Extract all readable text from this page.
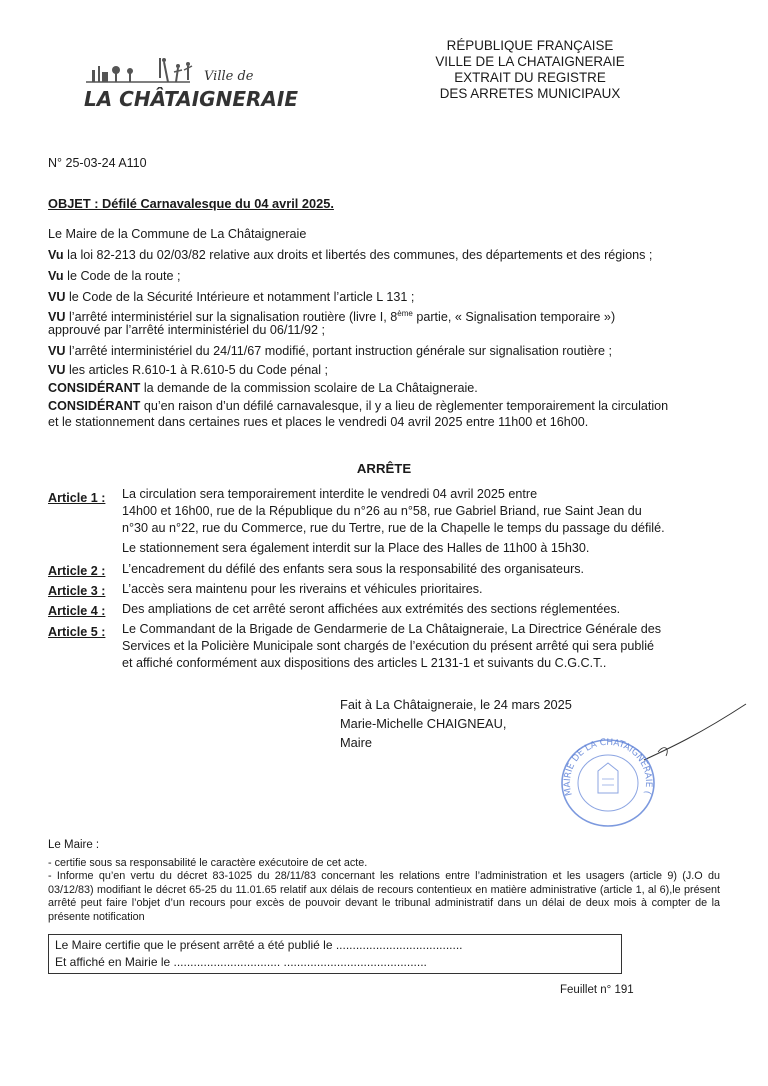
Ville de
LA CHÂTAIGNERAIE
RÉPUBLIQUE FRANÇAISE
VILLE DE LA CHATAIGNERAIE
EXTRAIT DU REGISTRE
DES ARRETES MUNICIPAUX
N° 25-03-24 A110
OBJET : Défilé Carnavalesque du 04 avril 2025.
Le Maire de la Commune de La Châtaigneraie
Vu la loi 82-213 du 02/03/82 relative aux droits et libertés des communes, des départements et des régions ;
Vu le Code de la route ;
VU le Code de la Sécurité Intérieure et notamment l’article L 131 ;
VU l’arrêté interministériel sur la signalisation routière (livre I, 8ème partie, « Signalisation temporaire »)
approuvé par l’arrêté interministériel du 06/11/92 ;
VU l’arrêté interministériel du 24/11/67 modifié, portant instruction générale sur signalisation routière ;
VU les articles R.610-1 à R.610-5 du Code pénal ;
CONSIDÉRANT la demande de la commission scolaire de La Châtaigneraie.
CONSIDÉRANT qu’en raison d’un défilé carnavalesque, il y a lieu de règlementer temporairement la circulation
et le stationnement dans certaines rues et places le vendredi 04 avril 2025 entre 11h00 et 16h00.
ARRÊTE
Article 1 : La circulation sera temporairement interdite le vendredi 04 avril 2025 entre
14h00 et 16h00, rue de la République du n°26 au n°58, rue Gabriel Briand, rue Saint Jean du
n°30 au n°22, rue du Commerce, rue du Tertre, rue de la Chapelle le temps du passage du défilé.
Le stationnement sera également interdit sur la Place des Halles de 11h00 à 15h30.
Article 2 : L’encadrement du défilé des enfants sera sous la responsabilité des organisateurs.
Article 3 : L’accès sera maintenu pour les riverains et véhicules prioritaires.
Article 4 : Des ampliations de cet arrêté seront affichées aux extrémités des sections réglementées.
Article 5 : Le Commandant de la Brigade de Gendarmerie de La Châtaigneraie, La Directrice Générale des
Services et la Policière Municipale sont chargés de l’exécution du présent arrêté qui sera publié
et affiché conformément aux dispositions des articles L 2131-1 et suivants du C.G.C.T..
Fait à La Châtaigneraie, le 24 mars 2025
Marie-Michelle CHAIGNEAU,
Maire
MAIRIE DE LA CHATAIGNERAIE (
Le Maire :
- certifie sous sa responsabilité le caractère exécutoire de cet acte.
- Informe qu’en vertu du décret 83-1025 du 28/11/83 concernant les relations entre l’administration et les usagers (article 9) (J.O du 03/12/83) modifiant le décret 65-25 du 11.01.65 relatif aux délais de recours contentieux en matière administrative (article 1, al 6),le présent arrêté peut faire l’objet d’un recours pour excès de pouvoir devant le tribunal administratif dans un délai de deux mois à compter de la présente notification
Le Maire certifie que le présent arrêté a été publié le ......................................
Et affiché en Mairie le ................................ ...........................................
Feuillet n° 191
